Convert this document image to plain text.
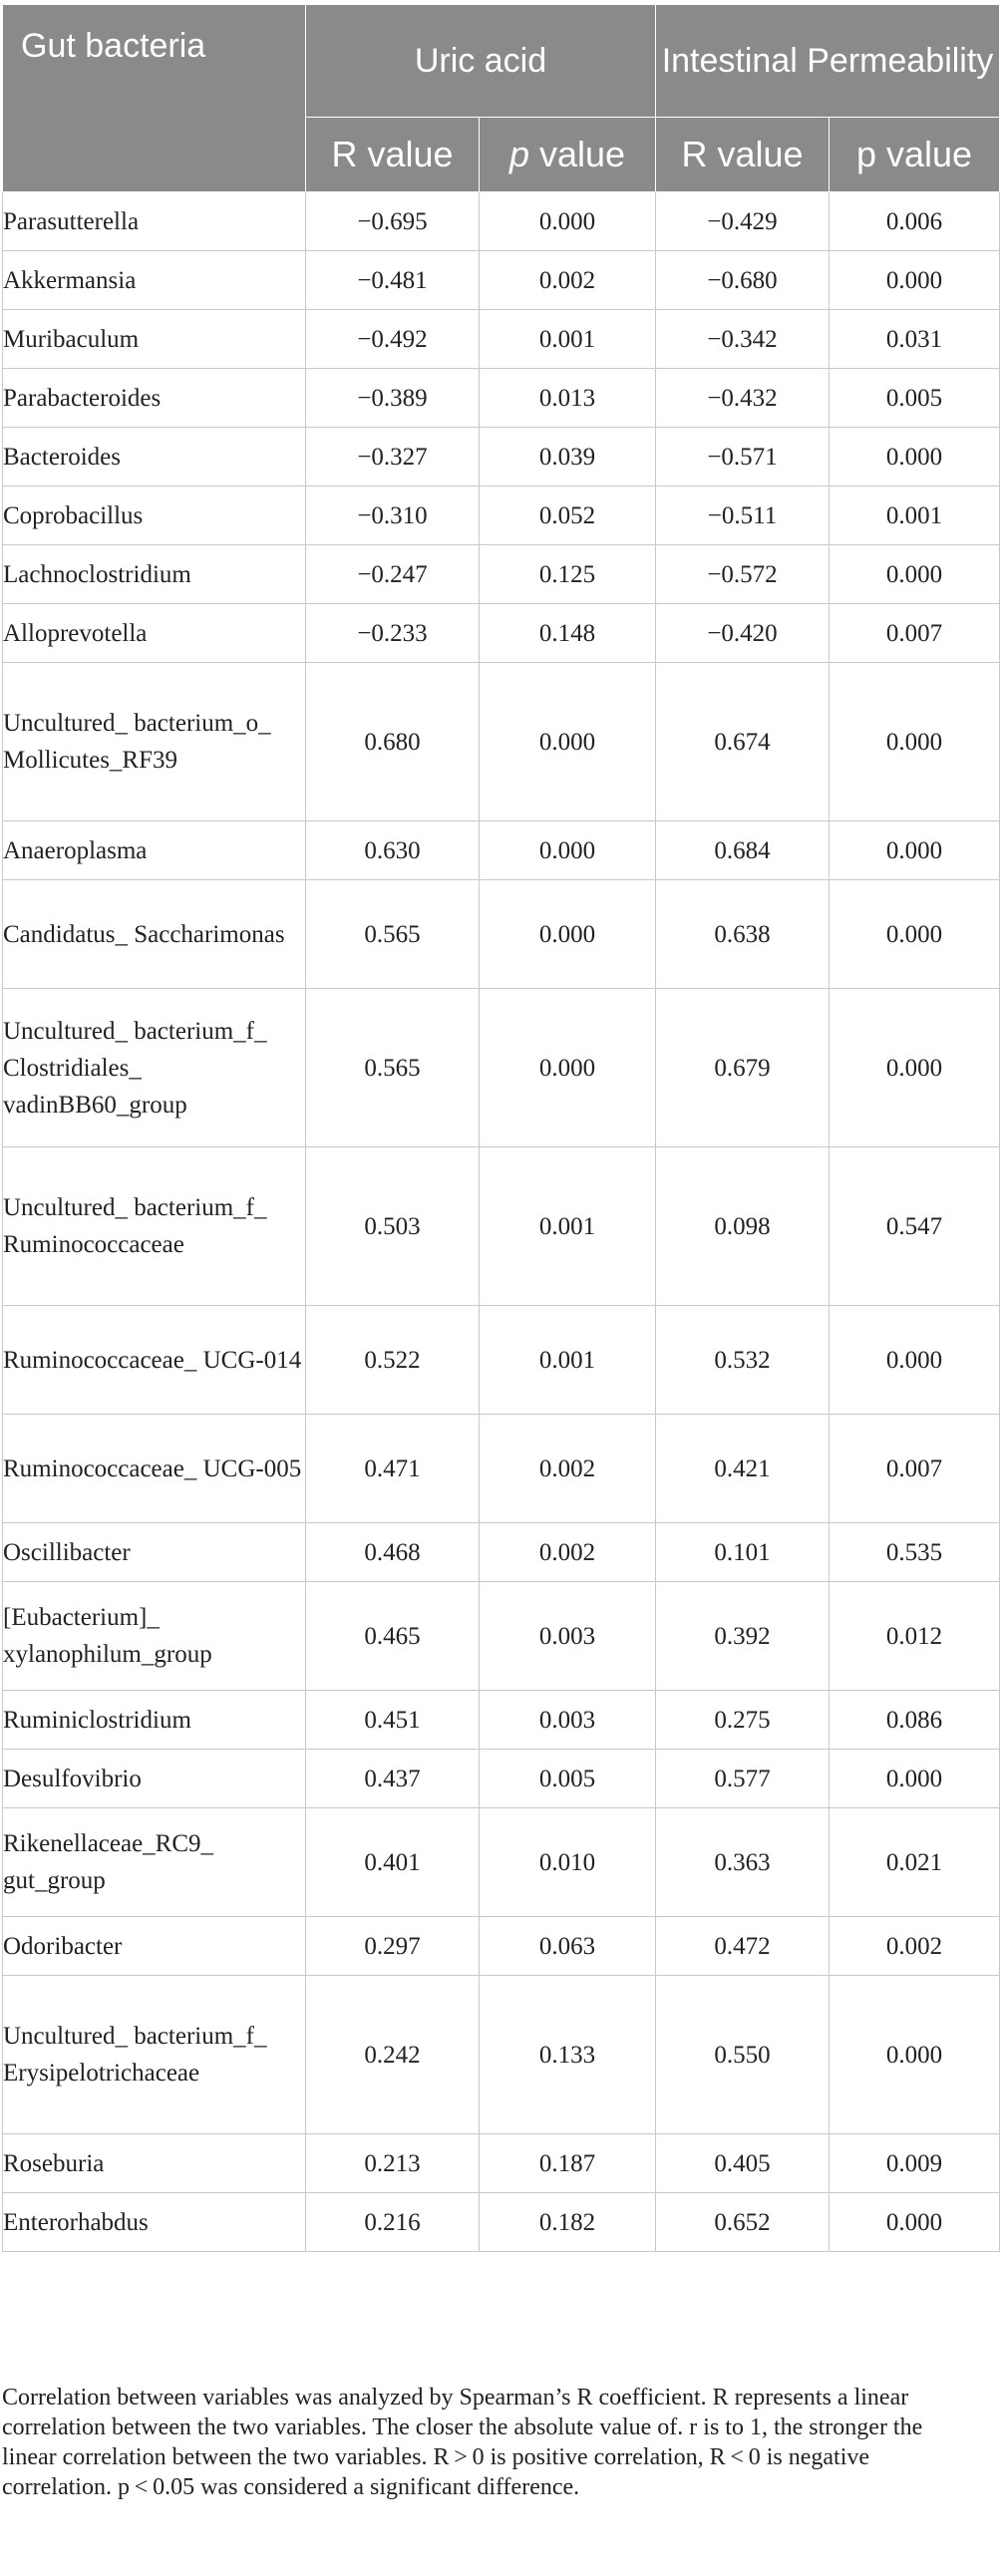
Gut bacteria	Uric acid		Intestinal Permeability	
	R value	p value	R value	p value
Parasutterella	−0.695	0.000	−0.429	0.006
Akkermansia	−0.481	0.002	−0.680	0.000
Muribaculum	−0.492	0.001	−0.342	0.031
Parabacteroides	−0.389	0.013	−0.432	0.005
Bacteroides	−0.327	0.039	−0.571	0.000
Coprobacillus	−0.310	0.052	−0.511	0.001
Lachnoclostridium	−0.247	0.125	−0.572	0.000
Alloprevotella	−0.233	0.148	−0.420	0.007
Uncultured_ bacterium_o_ Mollicutes_RF39	0.680	0.000	0.674	0.000
Anaeroplasma	0.630	0.000	0.684	0.000
Candidatus_ Saccharimonas	0.565	0.000	0.638	0.000
Uncultured_ bacterium_f_ Clostridiales_ vadinBB60_group	0.565	0.000	0.679	0.000
Uncultured_ bacterium_f_ Ruminococcaceae	0.503	0.001	0.098	0.547
Ruminococcaceae_ UCG-014	0.522	0.001	0.532	0.000
Ruminococcaceae_ UCG-005	0.471	0.002	0.421	0.007
Oscillibacter	0.468	0.002	0.101	0.535
[Eubacterium]_ xylanophilum_group	0.465	0.003	0.392	0.012
Ruminiclostridium	0.451	0.003	0.275	0.086
Desulfovibrio	0.437	0.005	0.577	0.000
Rikenellaceae_RC9_ gut_group	0.401	0.010	0.363	0.021
Odoribacter	0.297	0.063	0.472	0.002
Uncultured_ bacterium_f_ Erysipelotrichaceae	0.242	0.133	0.550	0.000
Roseburia	0.213	0.187	0.405	0.009
Enterorhabdus	0.216	0.182	0.652	0.000
Correlation between variables was analyzed by Spearman’s R coefficient. R represents a linear correlation between the two variables. The closer the absolute value of. r is to 1, the stronger the linear correlation between the two variables. R > 0 is positive correlation, R < 0 is negative correlation. p < 0.05 was considered a significant difference.
